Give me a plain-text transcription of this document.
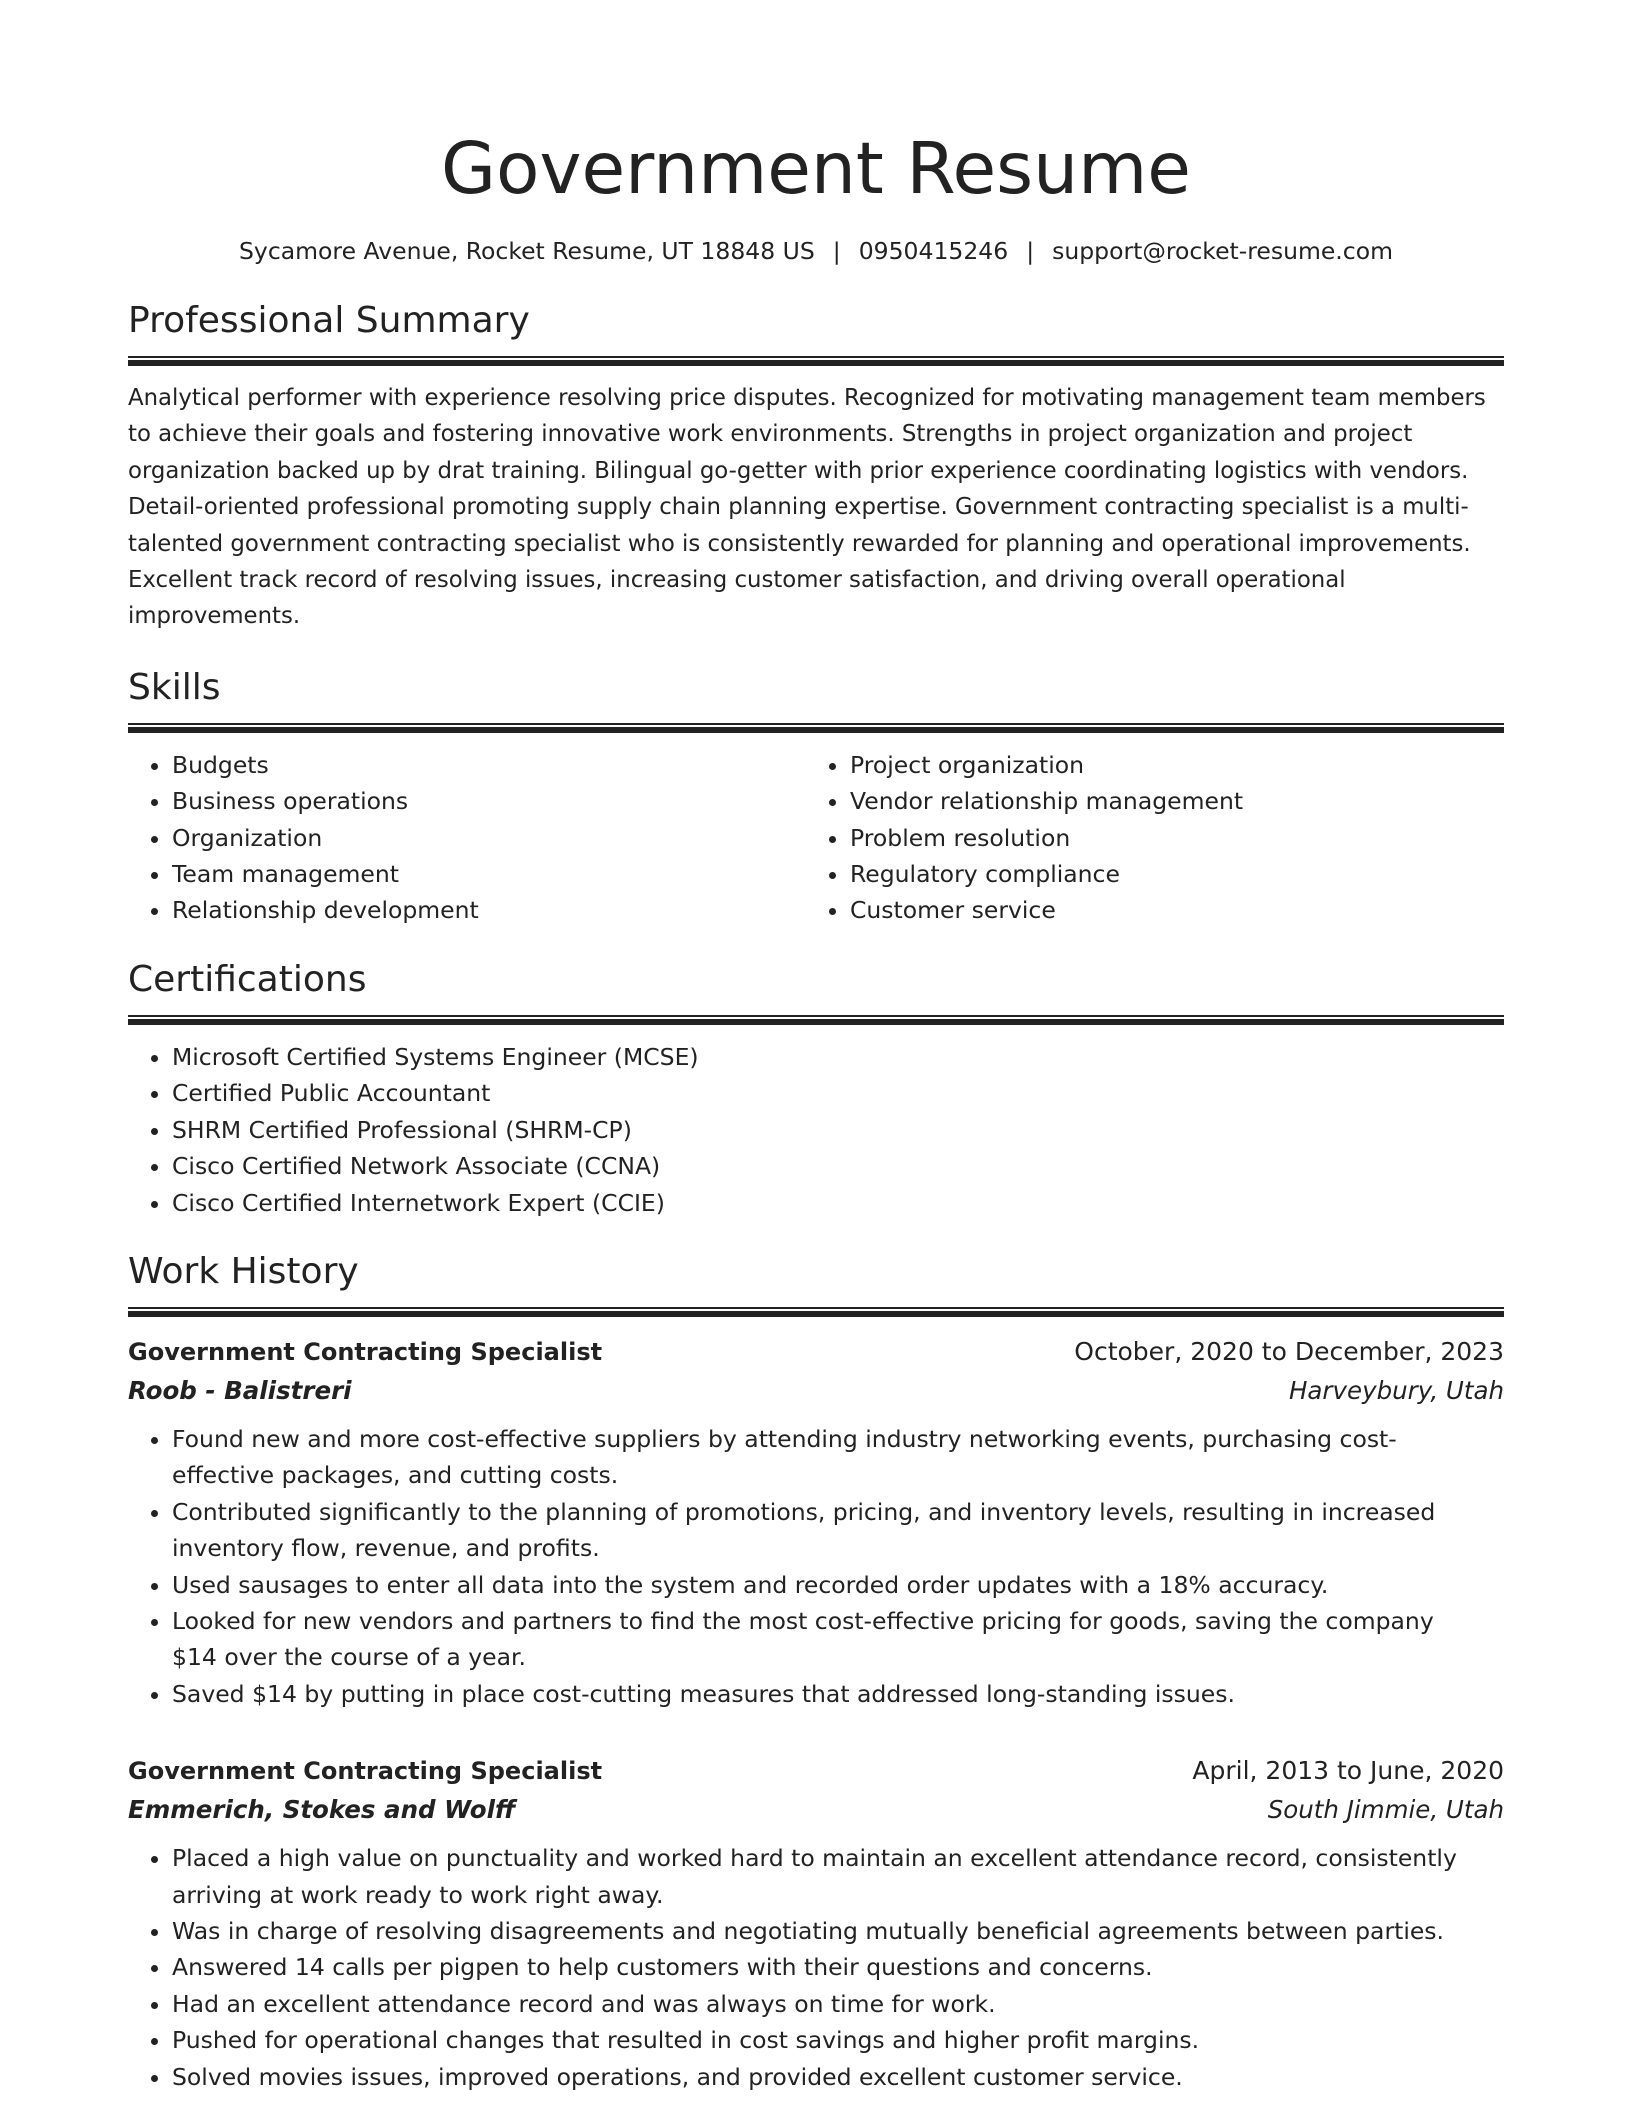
Government Resume
Sycamore Avenue, Rocket Resume, UT 18848 US | 0950415246 | support@rocket-resume.com
Professional Summary
Analytical performer with experience resolving price disputes. Recognized for motivating management team members to achieve their goals and fostering innovative work environments. Strengths in project organization and project organization backed up by drat training. Bilingual go-getter with prior experience coordinating logistics with vendors. Detail-oriented professional promoting supply chain planning expertise. Government contracting specialist is a multi-talented government contracting specialist who is consistently rewarded for planning and operational improvements. Excellent track record of resolving issues, increasing customer satisfaction, and driving overall operational improvements.
Skills
• Budgets
• Business operations
• Organization
• Team management
• Relationship development
• Project organization
• Vendor relationship management
• Problem resolution
• Regulatory compliance
• Customer service
Certifications
• Microsoft Certified Systems Engineer (MCSE)
• Certified Public Accountant
• SHRM Certified Professional (SHRM-CP)
• Cisco Certified Network Associate (CCNA)
• Cisco Certified Internetwork Expert (CCIE)
Work History
Government Contracting Specialist	October, 2020 to December, 2023
Roob - Balistreri	Harveybury, Utah
• Found new and more cost-effective suppliers by attending industry networking events, purchasing cost-effective packages, and cutting costs.
• Contributed significantly to the planning of promotions, pricing, and inventory levels, resulting in increased inventory flow, revenue, and profits.
• Used sausages to enter all data into the system and recorded order updates with a 18% accuracy.
• Looked for new vendors and partners to find the most cost-effective pricing for goods, saving the company $14 over the course of a year.
• Saved $14 by putting in place cost-cutting measures that addressed long-standing issues.
Government Contracting Specialist	April, 2013 to June, 2020
Emmerich, Stokes and Wolff	South Jimmie, Utah
• Placed a high value on punctuality and worked hard to maintain an excellent attendance record, consistently arriving at work ready to work right away.
• Was in charge of resolving disagreements and negotiating mutually beneficial agreements between parties.
• Answered 14 calls per pigpen to help customers with their questions and concerns.
• Had an excellent attendance record and was always on time for work.
• Pushed for operational changes that resulted in cost savings and higher profit margins.
• Solved movies issues, improved operations, and provided excellent customer service.
